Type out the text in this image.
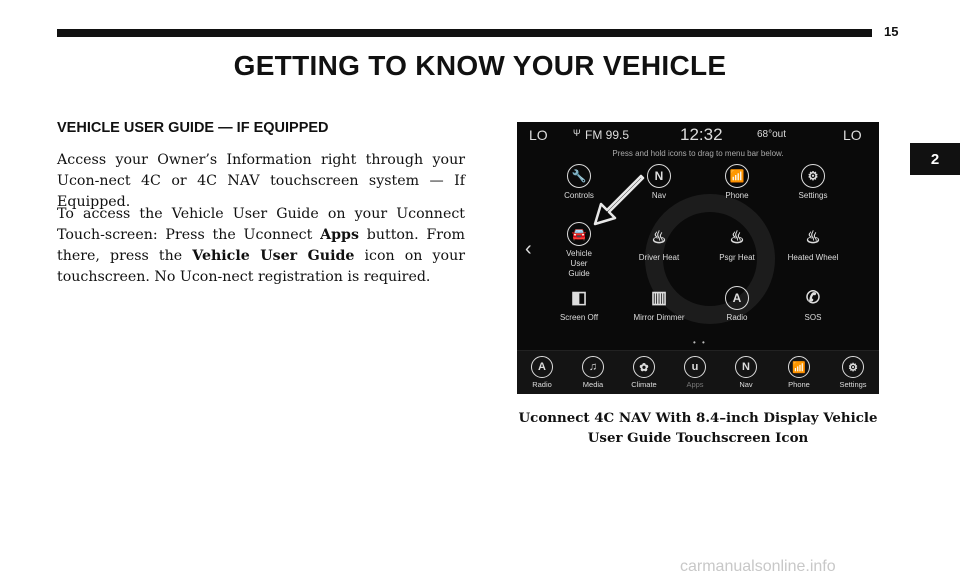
15
GETTING TO KNOW YOUR VEHICLE
2
VEHICLE USER GUIDE — IF EQUIPPED

Access your Owner’s Information right through your Ucon-nect 4C or 4C NAV touchscreen system — If Equipped.

To access the Vehicle User Guide on your Uconnect Touch-screen: Press the Uconnect Apps button. From there, press the Vehicle User Guide icon on your touchscreen. No Ucon-nect registration is required.

LO	Ψ FM 99.5	12:32	68°out	LO
Press and hold icons to drag to menu bar below.
‹
🔧
Controls
N
Nav
📶
Phone
⚙
Settings
🚘
Vehicle User Guide
♨
Driver Heat
♨
Psgr Heat
♨
Heated Wheel
◧
Screen Off
▥
Mirror Dimmer
A
Radio
✆
SOS
• •
A
Radio
♫
Media
✿
Climate
u
Apps
N
Nav
📶
Phone
⚙
Settings
Uconnect 4C NAV With 8.4–inch Display Vehicle User Guide Touchscreen Icon
carmanualsonline.info
